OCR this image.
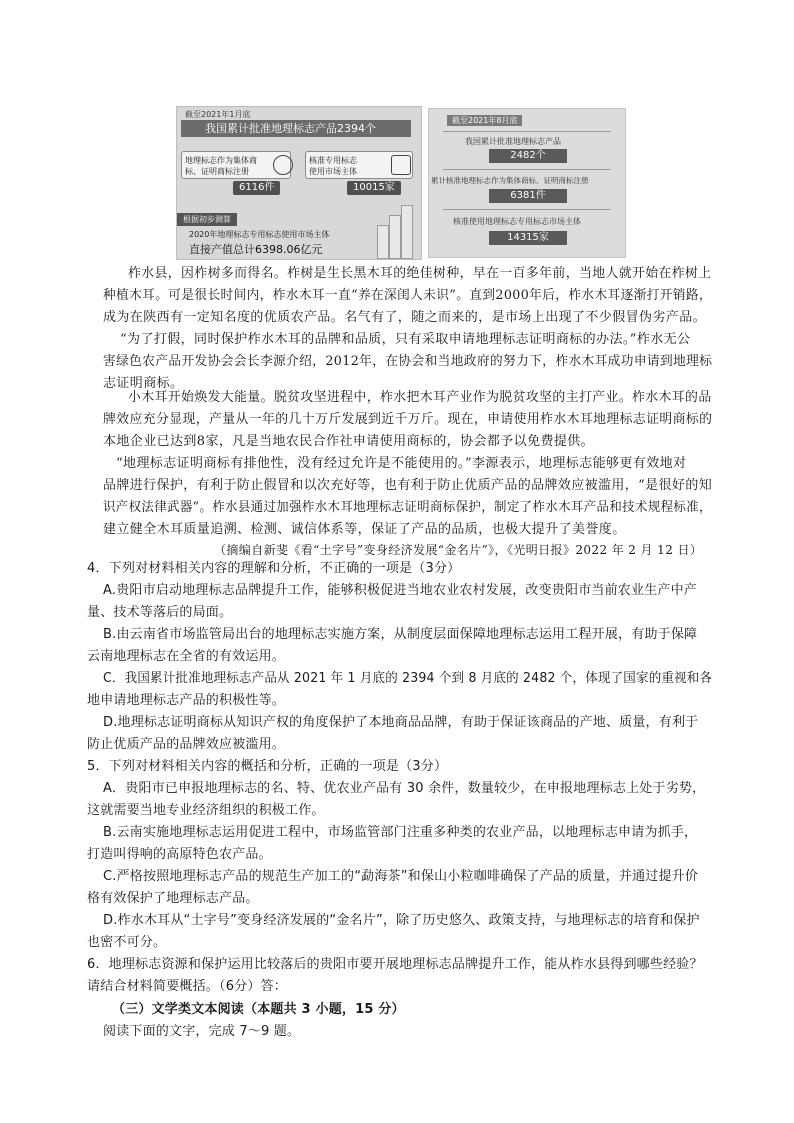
截至2021年1月底
我国累计批准地理标志产品2394个
地理标志作为集体商
标、证明商标注册
6116件
核准专用标志
使用市场主体
10015家
根据初步测算
2020年地理标志专用标志使用市场主体
直接产值总计6398.06亿元
截至2021年8月底
我国累计批准地理标志产品
2482个
累计核准地理标志作为集体商标、证明商标注册
6381件
核准使用地理标志专用标志市场主体
14315家
柞水县，因柞树多而得名。柞树是生长黑木耳的绝佳树种，早在一百多年前，当地人就开始在柞树上
种植木耳。可是很长时间内，柞水木耳一直“养在深闺人未识”。直到2000年后，柞水木耳逐渐打开销路，
成为在陕西有一定知名度的优质农产品。名气有了，随之而来的，是市场上出现了不少假冒伪劣产品。
“为了打假，同时保护柞水木耳的品牌和品质，只有采取申请地理标志证明商标的办法。”柞水无公
害绿色农产品开发协会会长李源介绍，2012年，在协会和当地政府的努力下，柞水木耳成功申请到地理标
志证明商标。
小木耳开始焕发大能量。脱贫攻坚进程中，柞水把木耳产业作为脱贫攻坚的主打产业。柞水木耳的品
牌效应充分显现，产量从一年的几十万斤发展到近千万斤。现在，申请使用柞水木耳地理标志证明商标的
本地企业已达到8家，凡是当地农民合作社申请使用商标的，协会都予以免费提供。
“地理标志证明商标有排他性，没有经过允许是不能使用的。”李源表示，地理标志能够更有效地对
品牌进行保护，有利于防止假冒和以次充好等，也有利于防止优质产品的品牌效应被滥用，“是很好的知
识产权法律武器”。柞水县通过加强柞水木耳地理标志证明商标保护，制定了柞水木耳产品和技术规程标准，
建立健全木耳质量追溯、检测、诚信体系等，保证了产品的品质，也极大提升了美誉度。
（摘编自新斐《看“土字号”变身经济发展“金名片”》，《光明日报》2022 年 2 月 12 日）
4．下列对材料相关内容的理解和分析，不正确的一项是（3分）
A.贵阳市启动地理标志品牌提升工作，能够积极促进当地农业农村发展，改变贵阳市当前农业生产中产
量、技术等落后的局面。
B.由云南省市场监管局出台的地理标志实施方案，从制度层面保障地理标志运用工程开展，有助于保障
云南地理标志在全省的有效运用。
C．我国累计批准地理标志产品从 2021 年 1 月底的 2394 个到 8 月底的 2482 个，体现了国家的重视和各
地申请地理标志产品的积极性等。
D.地理标志证明商标从知识产权的角度保护了本地商品品牌，有助于保证该商品的产地、质量，有利于
防止优质产品的品牌效应被滥用。
5．下列对材料相关内容的概括和分析，正确的一项是（3分）
A．贵阳市已申报地理标志的名、特、优农业产品有 30 余件，数量较少，在申报地理标志上处于劣势，
这就需要当地专业经济组织的积极工作。
B.云南实施地理标志运用促进工程中，市场监管部门注重多种类的农业产品，以地理标志申请为抓手，
打造叫得响的高原特色农产品。
C.严格按照地理标志产品的规范生产加工的“勐海茶”和保山小粒咖啡确保了产品的质量，并通过提升价
格有效保护了地理标志产品。
D.柞水木耳从“土字号”变身经济发展的“金名片”，除了历史悠久、政策支持，与地理标志的培育和保护
也密不可分。
6．地理标志资源和保护运用比较落后的贵阳市要开展地理标志品牌提升工作，能从柞水县得到哪些经验？
请结合材料简要概括。（6分）答：
（三）文学类文本阅读（本题共 3 小题，15 分）
阅读下面的文字，完成 7～9 题。
